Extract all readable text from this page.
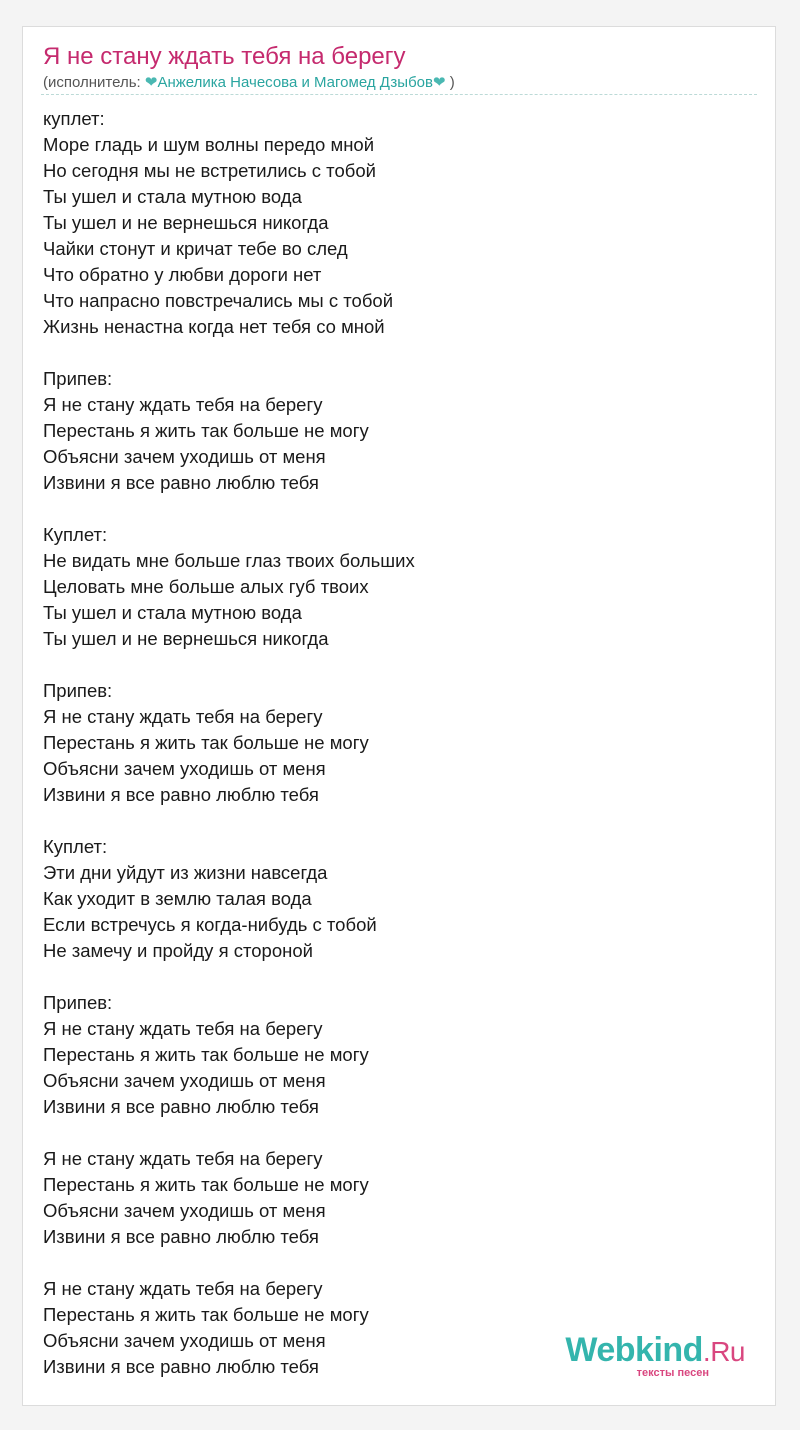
Я не стану ждать тебя на берегу
(исполнитель: ❤Анжелика Начесова и Магомед Дзыбов❤ )
куплет:
Море гладь и шум волны передо мной
Но сегодня мы не встретились с тобой
Ты ушел и стала мутною вода
Ты ушел и не вернешься никогда
Чайки стонут и кричат тебе во след
Что обратно у любви дороги нет
Что напрасно повстречались мы с тобой
Жизнь ненастна когда нет тебя со мной
Припев:
Я не стану ждать тебя на берегу
Перестань я жить так больше не могу
Объясни зачем уходишь от меня
Извини я все равно люблю тебя
Куплет:
Не видать мне больше глаз твоих больших
Целовать мне больше алых губ твоих
Ты ушел и стала мутною вода
Ты ушел и не вернешься никогда
Припев:
Я не стану ждать тебя на берегу
Перестань я жить так больше не могу
Объясни зачем уходишь от меня
Извини я все равно люблю тебя
Куплет:
Эти дни уйдут из жизни навсегда
Как уходит в землю талая вода
Если встречусь я когда-нибудь с тобой
Не замечу и пройду я стороной
Припев:
Я не стану ждать тебя на берегу
Перестань я жить так больше не могу
Объясни зачем уходишь от меня
Извини я все равно люблю тебя
Я не стану ждать тебя на берегу
Перестань я жить так больше не могу
Объясни зачем уходишь от меня
Извини я все равно люблю тебя
Я не стану ждать тебя на берегу
Перестань я жить так больше не могу
Объясни зачем уходишь от меня
Извини я все равно люблю тебя	Webkind.Ru
тексты песен
